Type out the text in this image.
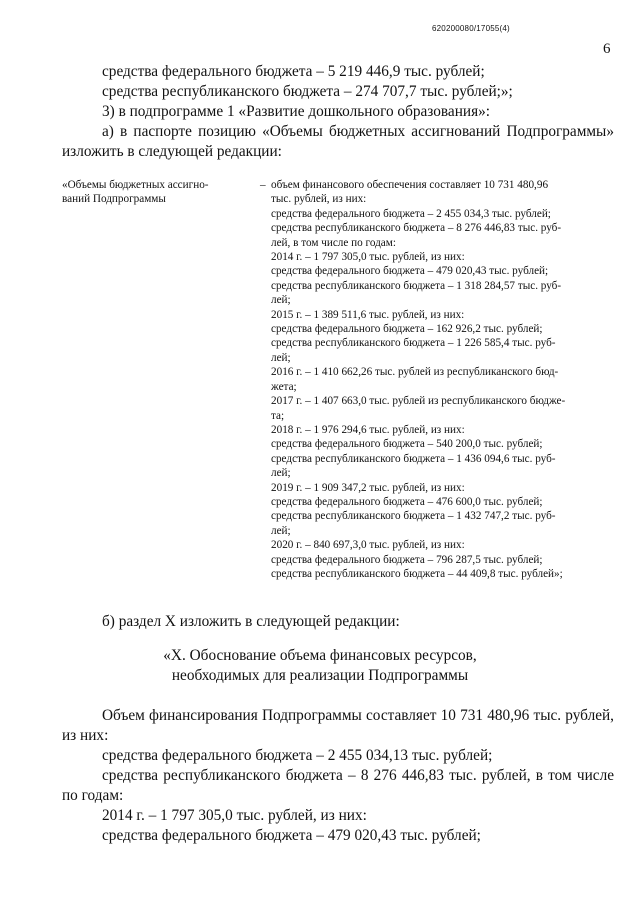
620200080/17055(4)
6

средства федерального бюджета – 5 219 446,9 тыс. рублей;

средства республиканского бюджета – 274 707,7 тыс. рублей;»;

3) в подпрограмме 1 «Развитие дошкольного образования»:

а) в паспорте позицию «Объемы бюджетных ассигнований Подпрограммы» изложить в следующей редакции:

«Объемы бюджетных ассигно-
ваний Подпрограммы
– объем финансового обеспечения составляет 10 731 480,96
тыс. рублей, из них:
средства федерального бюджета – 2 455 034,3 тыс. рублей;
средства республиканского бюджета – 8 276 446,83 тыс. руб-
лей, в том числе по годам:
2014 г. – 1 797 305,0 тыс. рублей, из них:
средства федерального бюджета – 479 020,43 тыс. рублей;
средства республиканского бюджета – 1 318 284,57 тыс. руб-
лей;
2015 г. – 1 389 511,6 тыс. рублей, из них:
средства федерального бюджета – 162 926,2 тыс. рублей;
средства республиканского бюджета – 1 226 585,4 тыс. руб-
лей;
2016 г. – 1 410 662,26 тыс. рублей из республиканского бюд-
жета;
2017 г. – 1 407 663,0 тыс. рублей из республиканского бюдже-
та;
2018 г. – 1 976 294,6 тыс. рублей, из них:
средства федерального бюджета – 540 200,0 тыс. рублей;
средства республиканского бюджета – 1 436 094,6 тыс. руб-
лей;
2019 г. – 1 909 347,2 тыс. рублей, из них:
средства федерального бюджета – 476 600,0 тыс. рублей;
средства республиканского бюджета – 1 432 747,2 тыс. руб-
лей;
2020 г. – 840 697,3,0 тыс. рублей, из них:
средства федерального бюджета – 796 287,5 тыс. рублей;
средства республиканского бюджета – 44 409,8 тыс. рублей»;

б) раздел X изложить в следующей редакции:

«X. Обоснование объема финансовых ресурсов,
необходимых для реализации Подпрограммы

Объем финансирования Подпрограммы составляет 10 731 480,96 тыс. рублей, из них:

средства федерального бюджета – 2 455 034,13 тыс. рублей;

средства республиканского бюджета – 8 276 446,83 тыс. рублей, в том числе по годам:

2014 г. – 1 797 305,0 тыс. рублей, из них:

средства федерального бюджета – 479 020,43 тыс. рублей;
